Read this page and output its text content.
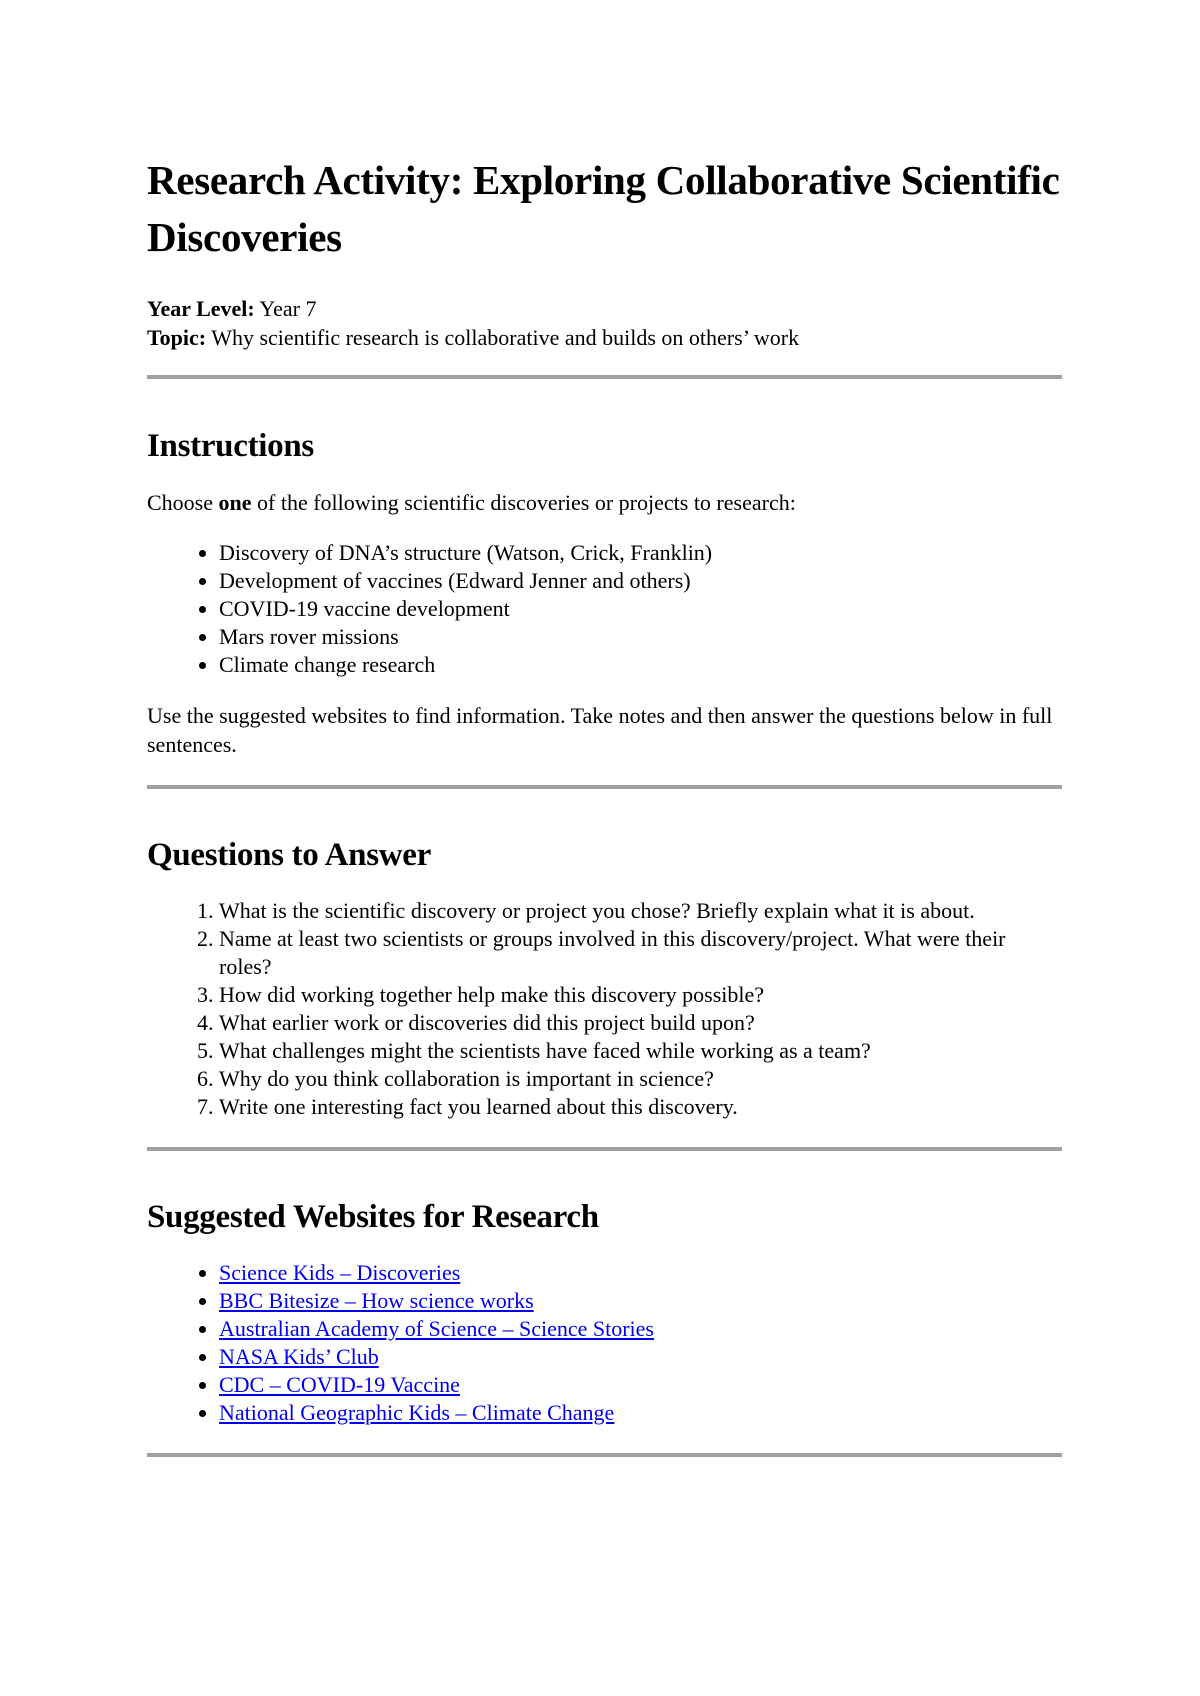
Research Activity: Exploring Collaborative Scientific Discoveries

Year Level: Year 7

Topic: Why scientific research is collaborative and builds on others’ work

Instructions

Choose one of the following scientific discoveries or projects to research:

• Discovery of DNA’s structure (Watson, Crick, Franklin)
• Development of vaccines (Edward Jenner and others)
• COVID-19 vaccine development
• Mars rover missions
• Climate change research

Use the suggested websites to find information. Take notes and then answer the questions below in full sentences.

Questions to Answer
1. What is the scientific discovery or project you chose? Briefly explain what it is about.
2. Name at least two scientists or groups involved in this discovery/project. What were their roles?
3. How did working together help make this discovery possible?
4. What earlier work or discoveries did this project build upon?
5. What challenges might the scientists have faced while working as a team?
6. Why do you think collaboration is important in science?
7. Write one interesting fact you learned about this discovery.
Suggested Websites for Research
• Science Kids – Discoveries
• BBC Bitesize – How science works
• Australian Academy of Science – Science Stories
• NASA Kids’ Club
• CDC – COVID-19 Vaccine
• National Geographic Kids – Climate Change
